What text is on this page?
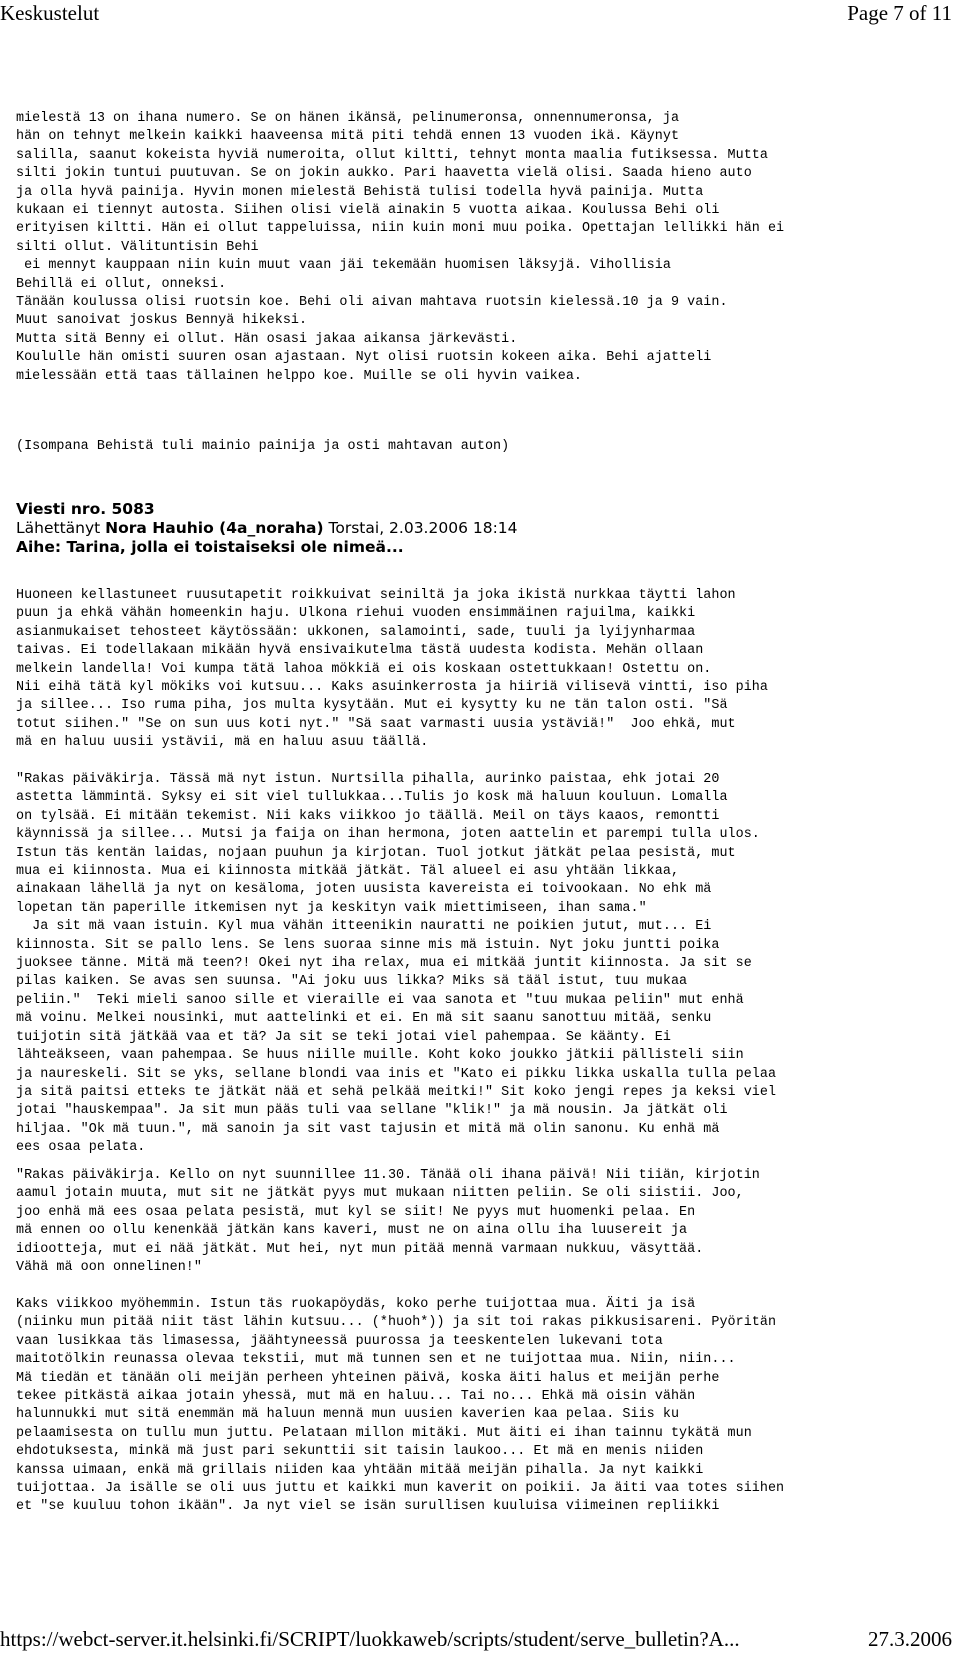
Keskustelut	Page 7 of 11
mielestä 13 on ihana numero. Se on hänen ikänsä, pelinumeronsa, onnennumeronsa, ja
hän on tehnyt melkein kaikki haaveensa mitä piti tehdä ennen 13 vuoden ikä. Käynyt
salilla, saanut kokeista hyviä numeroita, ollut kiltti, tehnyt monta maalia futiksessa. Mutta
silti jokin tuntui puutuvan. Se on jokin aukko. Pari haavetta vielä olisi. Saada hieno auto
ja olla hyvä painija. Hyvin monen mielestä Behistä tulisi todella hyvä painija. Mutta
kukaan ei tiennyt autosta. Siihen olisi vielä ainakin 5 vuotta aikaa. Koulussa Behi oli
erityisen kiltti. Hän ei ollut tappeluissa, niin kuin moni muu poika. Opettajan lellikki hän ei
silti ollut. Välituntisin Behi
ei mennyt kauppaan niin kuin muut vaan jäi tekemään huomisen läksyjä. Vihollisia
Behillä ei ollut, onneksi.
Tänään koulussa olisi ruotsin koe. Behi oli aivan mahtava ruotsin kielessä.10 ja 9 vain.
Muut sanoivat joskus Bennyä hikeksi.
Mutta sitä Benny ei ollut. Hän osasi jakaa aikansa järkevästi.
Koululle hän omisti suuren osan ajastaan. Nyt olisi ruotsin kokeen aika. Behi ajatteli
mielessään että taas tällainen helppo koe. Muille se oli hyvin vaikea.
(Isompana Behistä tuli mainio painija ja osti mahtavan auton)
Viesti nro. 5083
Lähettänyt Nora Hauhio (4a_noraha) Torstai, 2.03.2006 18:14
Aihe: Tarina, jolla ei toistaiseksi ole nimeä...
Huoneen kellastuneet ruusutapetit roikkuivat seiniltä ja joka ikistä nurkkaa täytti lahon
puun ja ehkä vähän homeenkin haju. Ulkona riehui vuoden ensimmäinen rajuilma, kaikki
asianmukaiset tehosteet käytössään: ukkonen, salamointi, sade, tuuli ja lyijynharmaa
taivas. Ei todellakaan mikään hyvä ensivaikutelma tästä uudesta kodista. Mehän ollaan
melkein landella! Voi kumpa tätä lahoa mökkiä ei ois koskaan ostettukkaan! Ostettu on.
Nii eihä tätä kyl mökiks voi kutsuu... Kaks asuinkerrosta ja hiiriä vilisevä vintti, iso piha
ja sillee... Iso ruma piha, jos multa kysytään. Mut ei kysytty ku ne tän talon osti. "Sä
totut siihen." "Se on sun uus koti nyt." "Sä saat varmasti uusia ystäviä!"  Joo ehkä, mut
mä en haluu uusii ystävii, mä en haluu asuu täällä.
"Rakas päiväkirja. Tässä mä nyt istun. Nurtsilla pihalla, aurinko paistaa, ehk jotai 20
astetta lämmintä. Syksy ei sit viel tullukkaa...Tulis jo kosk mä haluun kouluun. Lomalla
on tylsää. Ei mitään tekemist. Nii kaks viikkoo jo täällä. Meil on täys kaaos, remontti
käynnissä ja sillee... Mutsi ja faija on ihan hermona, joten aattelin et parempi tulla ulos.
Istun täs kentän laidas, nojaan puuhun ja kirjotan. Tuol jotkut jätkät pelaa pesistä, mut
mua ei kiinnosta. Mua ei kiinnosta mitkää jätkät. Täl alueel ei asu yhtään likkaa,
ainakaan lähellä ja nyt on kesäloma, joten uusista kavereista ei toivookaan. No ehk mä
lopetan tän paperille itkemisen nyt ja keskityn vaik miettimiseen, ihan sama."
Ja sit mä vaan istuin. Kyl mua vähän itteenikin nauratti ne poikien jutut, mut... Ei
kiinnosta. Sit se pallo lens. Se lens suoraa sinne mis mä istuin. Nyt joku juntti poika
juoksee tänne. Mitä mä teen?! Okei nyt iha relax, mua ei mitkää juntit kiinnosta. Ja sit se
pilas kaiken. Se avas sen suunsa. "Ai joku uus likka? Miks sä tääl istut, tuu mukaa
peliin."  Teki mieli sanoo sille et vieraille ei vaa sanota et "tuu mukaa peliin" mut enhä
mä voinu. Melkei nousinki, mut aattelinki et ei. En mä sit saanu sanottuu mitää, senku
tuijotin sitä jätkää vaa et tä? Ja sit se teki jotai viel pahempaa. Se käänty. Ei
lähteäkseen, vaan pahempaa. Se huus niille muille. Koht koko joukko jätkii pällisteli siin
ja naureskeli. Sit se yks, sellane blondi vaa inis et "Kato ei pikku likka uskalla tulla pelaa
ja sitä paitsi etteks te jätkät nää et sehä pelkää meitki!" Sit koko jengi repes ja keksi viel
jotai "hauskempaa". Ja sit mun pääs tuli vaa sellane "klik!" ja mä nousin. Ja jätkät oli
hiljaa. "Ok mä tuun.", mä sanoin ja sit vast tajusin et mitä mä olin sanonu. Ku enhä mä
ees osaa pelata.
"Rakas päiväkirja. Kello on nyt suunnillee 11.30. Tänää oli ihana päivä! Nii tiiän, kirjotin
aamul jotain muuta, mut sit ne jätkät pyys mut mukaan niitten peliin. Se oli siistii. Joo,
joo enhä mä ees osaa pelata pesistä, mut kyl se siit! Ne pyys mut huomenki pelaa. En
mä ennen oo ollu kenenkää jätkän kans kaveri, must ne on aina ollu iha luusereit ja
idiootteja, mut ei nää jätkät. Mut hei, nyt mun pitää mennä varmaan nukkuu, väsyttää.
Vähä mä oon onnelinen!"
Kaks viikkoo myöhemmin. Istun täs ruokapöydäs, koko perhe tuijottaa mua. Äiti ja isä
(niinku mun pitää niit täst lähin kutsuu... (*huoh*)) ja sit toi rakas pikkusisareni. Pyöritän
vaan lusikkaa täs limasessa, jäähtyneessä puurossa ja teeskentelen lukevani tota
maitotölkin reunassa olevaa tekstii, mut mä tunnen sen et ne tuijottaa mua. Niin, niin...
Mä tiedän et tänään oli meijän perheen yhteinen päivä, koska äiti halus et meijän perhe
tekee pitkästä aikaa jotain yhessä, mut mä en haluu... Tai no... Ehkä mä oisin vähän
halunnukki mut sitä enemmän mä haluun mennä mun uusien kaverien kaa pelaa. Siis ku
pelaamisesta on tullu mun juttu. Pelataan millon mitäki. Mut äiti ei ihan tainnu tykätä mun
ehdotuksesta, minkä mä just pari sekunttii sit taisin laukoo... Et mä en menis niiden
kanssa uimaan, enkä mä grillais niiden kaa yhtään mitää meijän pihalla. Ja nyt kaikki
tuijottaa. Ja isälle se oli uus juttu et kaikki mun kaverit on poikii. Ja äiti vaa totes siihen
et "se kuuluu tohon ikään". Ja nyt viel se isän surullisen kuuluisa viimeinen repliikki
https://webct-server.it.helsinki.fi/SCRIPT/luokkaweb/scripts/student/serve_bulletin?A...	27.3.2006
